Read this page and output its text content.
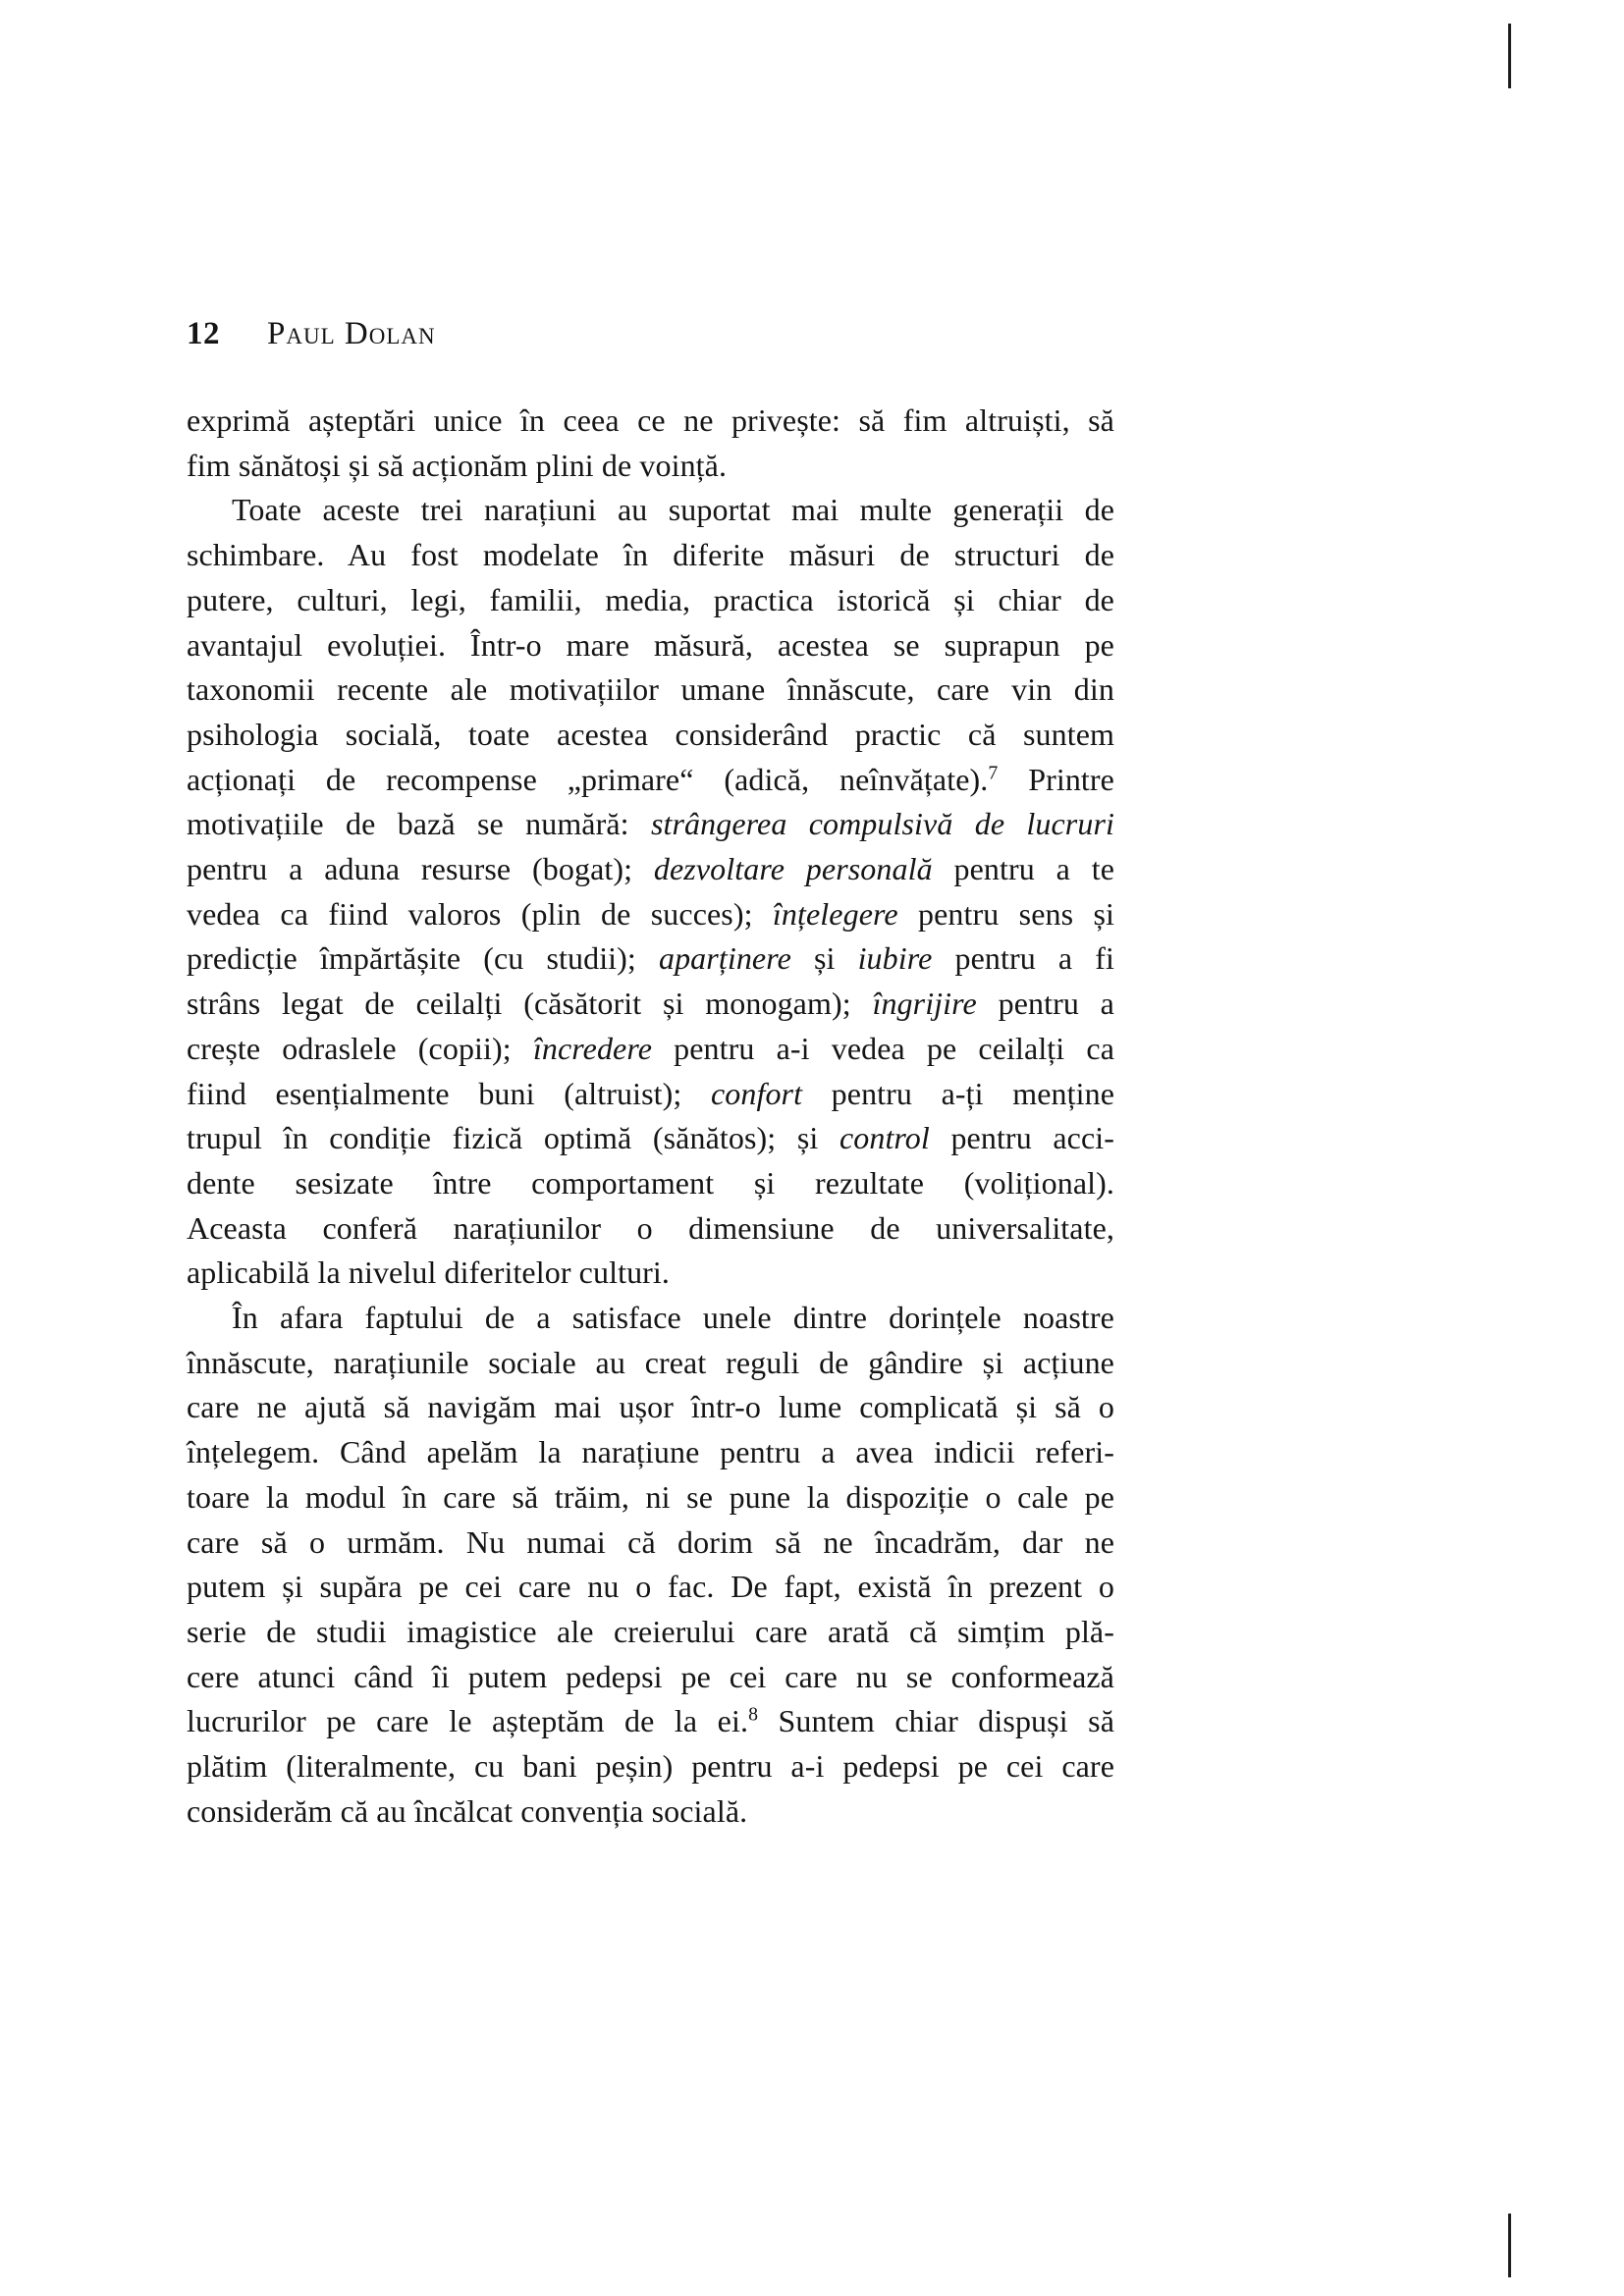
12 Paul Dolan
exprimă așteptări unice în ceea ce ne privește: să fim altruiști, să
fim sănătoși și să acționăm plini de voință.
Toate aceste trei narațiuni au suportat mai multe generații de
schimbare. Au fost modelate în diferite măsuri de structuri de
putere, culturi, legi, familii, media, practica istorică și chiar de
avantajul evoluției. Într-o mare măsură, acestea se suprapun pe
taxonomii recente ale motivațiilor umane înnăscute, care vin din
psihologia socială, toate acestea considerând practic că suntem
acționați de recompense „primare“ (adică, neînvățate).$^7$ Printre
motivațiile de bază se numără: strângerea compulsivă de lucruri
pentru a aduna resurse (bogat); dezvoltare personală pentru a te
vedea ca fiind valoros (plin de succes); înțelegere pentru sens și
predicție împărtășite (cu studii); aparținere și iubire pentru a fi
strâns legat de ceilalți (căsătorit și monogam); îngrijire pentru a
crește odraslele (copii); încredere pentru a-i vedea pe ceilalți ca
fiind esențialmente buni (altruist); confort pentru a-ți menține
trupul în condiție fizică optimă (sănătos); și control pentru acci-
dente sesizate între comportament și rezultate (volițional).
Aceasta conferă narațiunilor o dimensiune de universalitate,
aplicabilă la nivelul diferitelor culturi.
În afara faptului de a satisface unele dintre dorințele noastre
înnăscute, narațiunile sociale au creat reguli de gândire și acțiune
care ne ajută să navigăm mai ușor într-o lume complicată și să o
înțelegem. Când apelăm la narațiune pentru a avea indicii referi-
toare la modul în care să trăim, ni se pune la dispoziție o cale pe
care să o urmăm. Nu numai că dorim să ne încadrăm, dar ne
putem și supăra pe cei care nu o fac. De fapt, există în prezent o
serie de studii imagistice ale creierului care arată că simțim plă-
cere atunci când îi putem pedepsi pe cei care nu se conformează
lucrurilor pe care le așteptăm de la ei.$^8$ Suntem chiar dispuși să
plătim (literalmente, cu bani peșin) pentru a-i pedepsi pe cei care
considerăm că au încălcat convenția socială.
